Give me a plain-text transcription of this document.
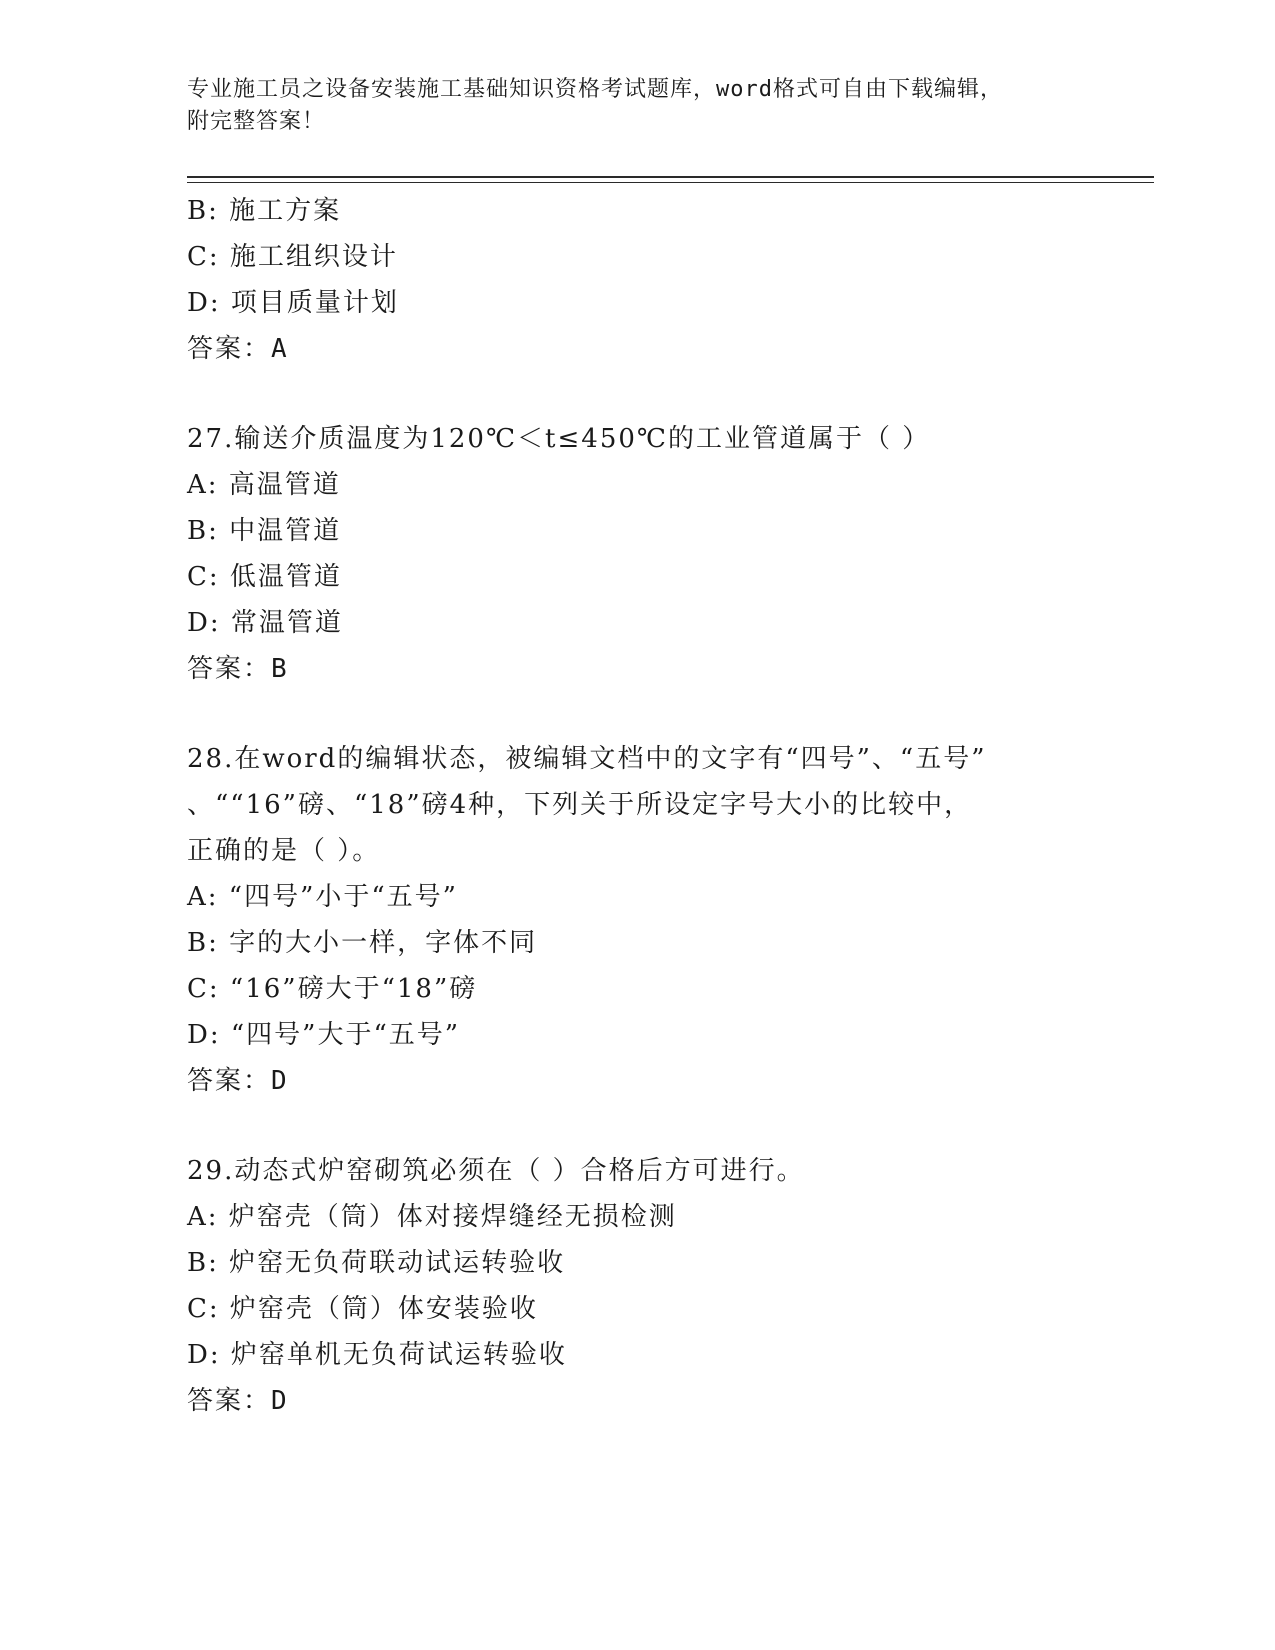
专业施工员之设备安装施工基础知识资格考试题库，word格式可自由下载编辑，
附完整答案！
B: 施工方案
C: 施工组织设计
D: 项目质量计划
答案：A
27.输送介质温度为120℃＜t≤450℃的工业管道属于（ ）
A: 高温管道
B: 中温管道
C: 低温管道
D: 常温管道
答案：B
28.在word的编辑状态，被编辑文档中的文字有“四号”、“五号”
、““16”磅、“18”磅4种，下列关于所设定字号大小的比较中，
正确的是（ ）。
A: “四号”小于“五号”
B: 字的大小一样，字体不同
C: “16”磅大于“18”磅
D: “四号”大于“五号”
答案：D
29.动态式炉窑砌筑必须在（ ）合格后方可进行。
A: 炉窑壳（筒）体对接焊缝经无损检测
B: 炉窑无负荷联动试运转验收
C: 炉窑壳（筒）体安装验收
D: 炉窑单机无负荷试运转验收
答案：D
